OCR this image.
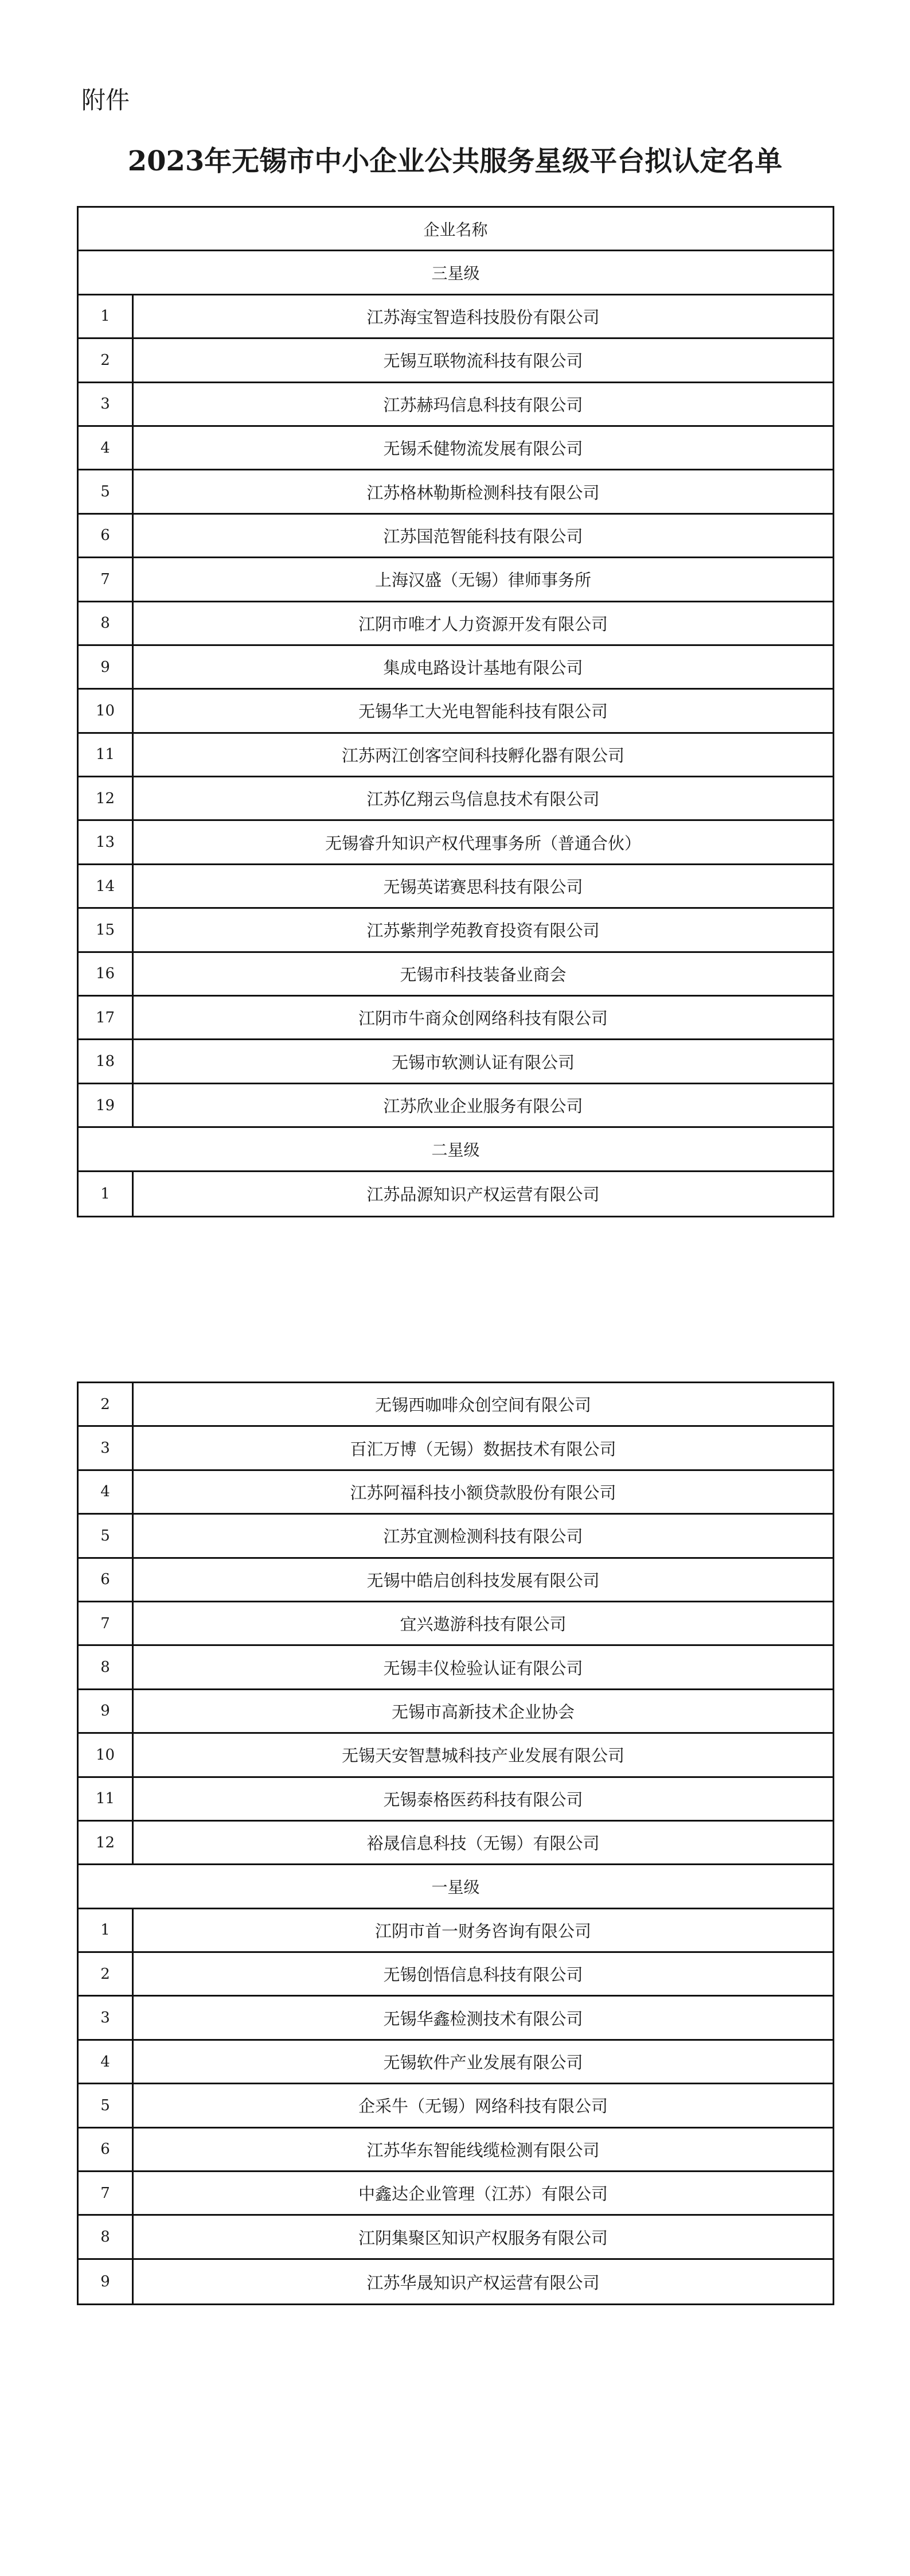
附件
2023年无锡市中小企业公共服务星级平台拟认定名单
企业名称
三星级
1	江苏海宝智造科技股份有限公司
2	无锡互联物流科技有限公司
3	江苏赫玛信息科技有限公司
4	无锡禾健物流发展有限公司
5	江苏格林勒斯检测科技有限公司
6	江苏国范智能科技有限公司
7	上海汉盛（无锡）律师事务所
8	江阴市唯才人力资源开发有限公司
9	集成电路设计基地有限公司
10	无锡华工大光电智能科技有限公司
11	江苏两江创客空间科技孵化器有限公司
12	江苏亿翔云鸟信息技术有限公司
13	无锡睿升知识产权代理事务所（普通合伙）
14	无锡英诺赛思科技有限公司
15	江苏紫荆学苑教育投资有限公司
16	无锡市科技装备业商会
17	江阴市牛商众创网络科技有限公司
18	无锡市软测认证有限公司
19	江苏欣业企业服务有限公司
二星级
1	江苏品源知识产权运营有限公司
2	无锡西咖啡众创空间有限公司
3	百汇万博（无锡）数据技术有限公司
4	江苏阿福科技小额贷款股份有限公司
5	江苏宜测检测科技有限公司
6	无锡中皓启创科技发展有限公司
7	宜兴遨游科技有限公司
8	无锡丰仪检验认证有限公司
9	无锡市高新技术企业协会
10	无锡天安智慧城科技产业发展有限公司
11	无锡泰格医药科技有限公司
12	裕晟信息科技（无锡）有限公司
一星级
1	江阴市首一财务咨询有限公司
2	无锡创悟信息科技有限公司
3	无锡华鑫检测技术有限公司
4	无锡软件产业发展有限公司
5	企采牛（无锡）网络科技有限公司
6	江苏华东智能线缆检测有限公司
7	中鑫达企业管理（江苏）有限公司
8	江阴集聚区知识产权服务有限公司
9	江苏华晟知识产权运营有限公司
